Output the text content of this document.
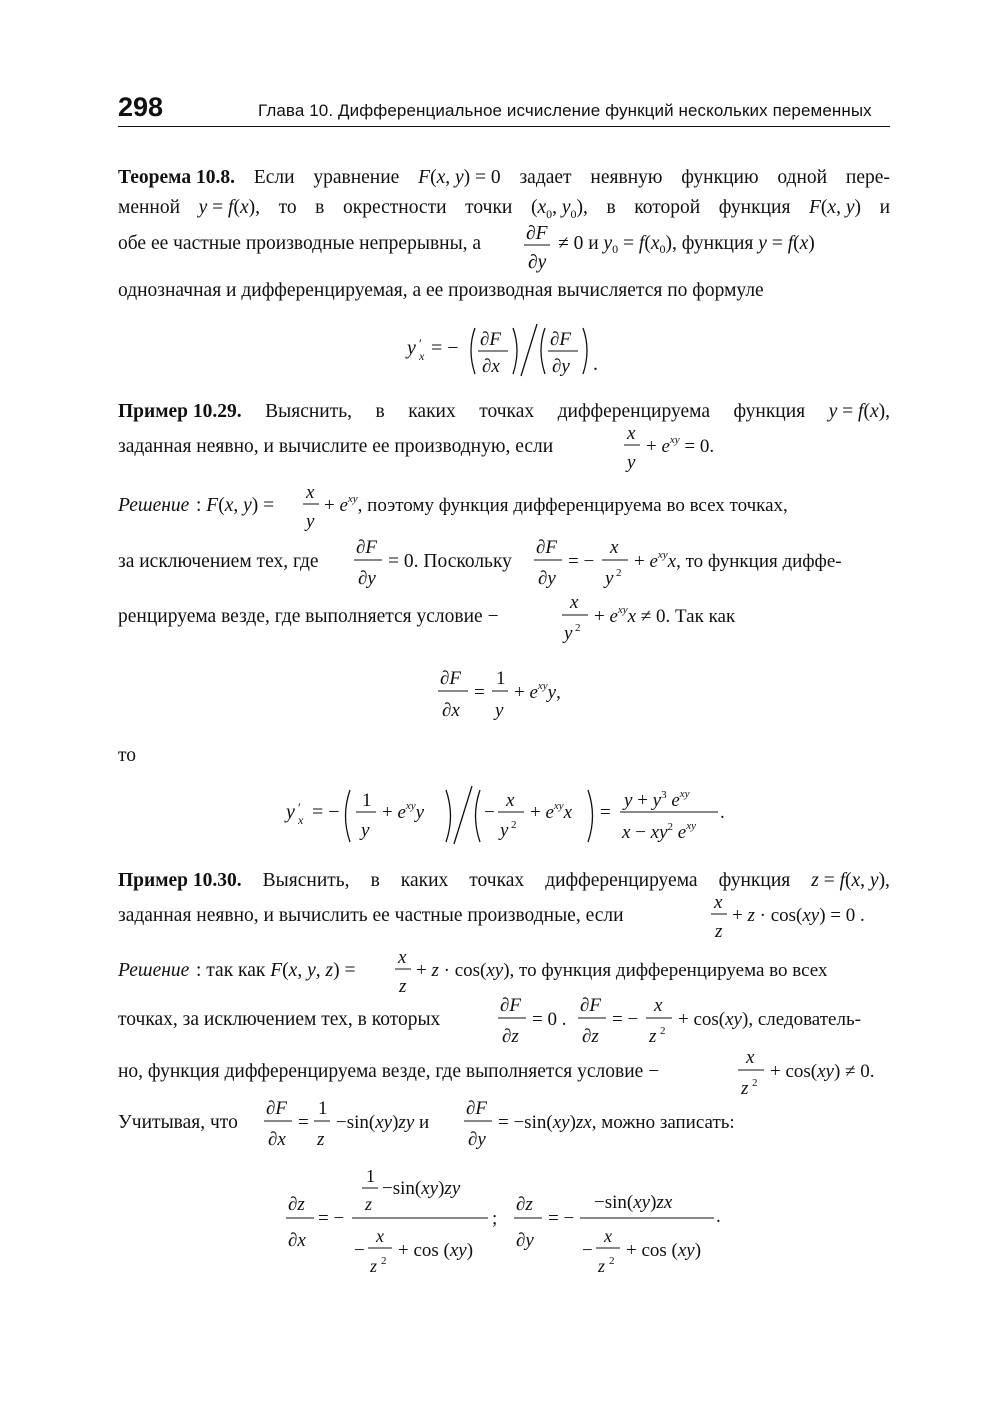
298	Глава 10. Дифференциальное исчисление функций нескольких переменных
Теорема 10.8. Если уравнение F(x, y) = 0 задает неявную функцию одной пере-
менной y = f(x), то в окрестности точки ($x_0$, $y_0$), в которой функция F(x, y) и
обе ее частные производные непрерывны, а ∂F
∂y
≠ 0 и $y_0 = f(x_0)$, функция y = f(x)
однозначная и дифференцируемая, а ее производная вычисляется по формуле
y ′
x = − ∂F
∂x
∂F
∂y .
Пример 10.29. Выяснить, в каких точках дифференцируема функция y = f(x),
заданная неявно, и вычислите ее производную, если
x
y
+ $e^{xy} = 0$.
Решение : F(x, y) =
x
y
+ $e^{xy}$, поэтому функция дифференцируема во всех точках,
за исключением тех, где
∂F
∂y
= 0. Поскольку
∂F
∂y
= −
x
y 2
+ $e^{xy}x$, то функция диффе-
ренцируема везде, где выполняется условие −
x
y 2
+ $e^{xy}x \ne 0$. Так как
∂F
∂x
=
1
y
+ $e^{xy}y$,
то
y ′
x = −
1
y
+ $e^{xy}y$	−
x
y 2
+ $e^{xy}x$ =
$y + y^3$ $e^{xy}$
$x - xy^2$ $e^{xy}$
.
Пример 10.30. Выяснить, в каких точках дифференцируема функция z = f(x, y),
заданная неявно, и вычислить ее частные производные, если
x
z
+ z · cos(xy) = 0 .
Решение : так как F(x, y, z) =
x
z
+ z · cos(xy), то функция дифференцируема во всех
точках, за исключением тех, в которых
∂F
∂z
= 0 .
∂F
∂z
= −
x
z 2
+ cos(xy), следователь-
но, функция дифференцируема везде, где выполняется условие −
x
z 2
+ cos(xy) ≠ 0.
Учитывая, что
∂F
∂x
=
1
z
−sin(xy)zy и
∂F
∂y
= −sin(xy)zx, можно записать:
∂z
∂x
= −
1
z
−sin(xy)zy
−
x
z 2 + cos (xy)
;
∂z
∂y
= −
−sin(xy)zx
−
x
z 2 + cos (xy)
.
